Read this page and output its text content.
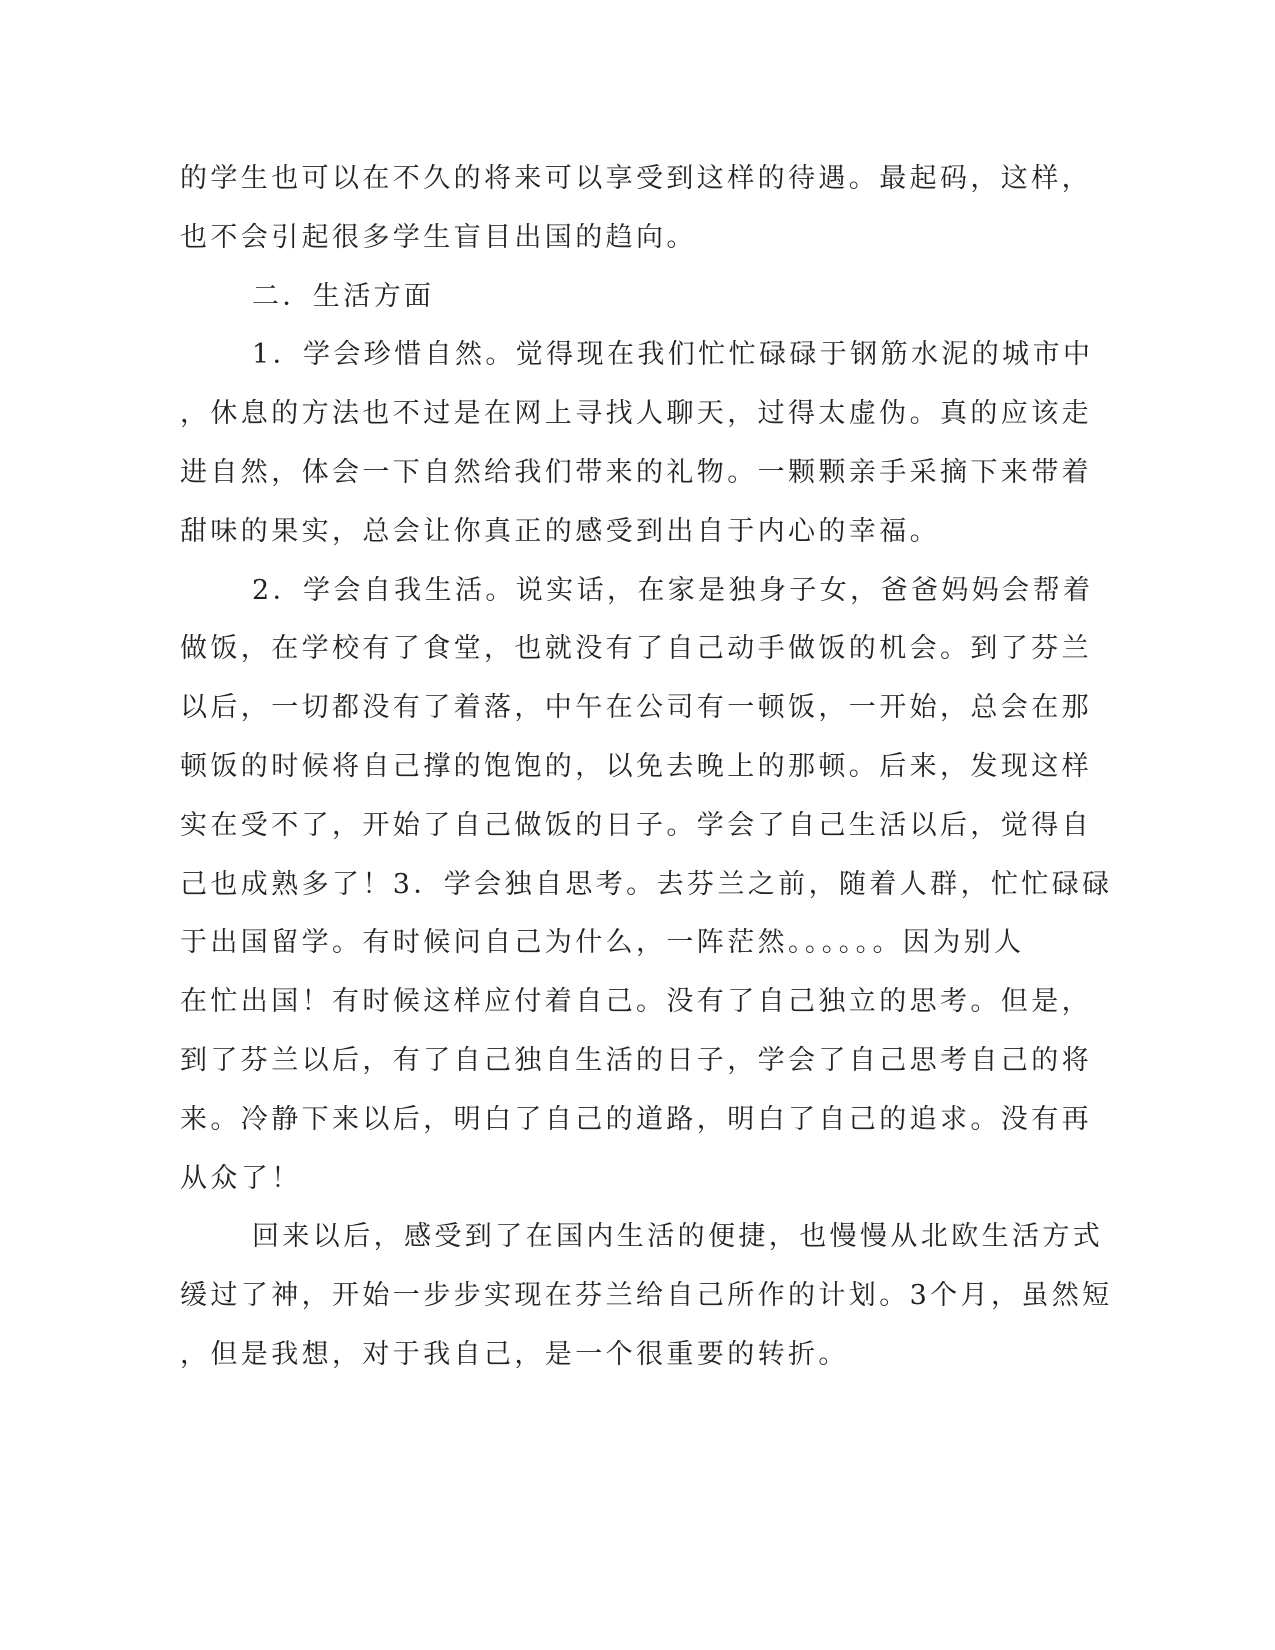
的学生也可以在不久的将来可以享受到这样的待遇。最起码，这样，
也不会引起很多学生盲目出国的趋向。
二．生活方面
1．学会珍惜自然。觉得现在我们忙忙碌碌于钢筋水泥的城市中
，休息的方法也不过是在网上寻找人聊天，过得太虚伪。真的应该走
进自然，体会一下自然给我们带来的礼物。一颗颗亲手采摘下来带着
甜味的果实，总会让你真正的感受到出自于内心的幸福。
2．学会自我生活。说实话，在家是独身子女，爸爸妈妈会帮着
做饭，在学校有了食堂，也就没有了自己动手做饭的机会。到了芬兰
以后，一切都没有了着落，中午在公司有一顿饭，一开始，总会在那
顿饭的时候将自己撑的饱饱的，以免去晚上的那顿。后来，发现这样
实在受不了，开始了自己做饭的日子。学会了自己生活以后，觉得自
己也成熟多了！3．学会独自思考。去芬兰之前，随着人群，忙忙碌碌
于出国留学。有时候问自己为什么，一阵茫然。。。。。。因为别人
在忙出国！有时候这样应付着自己。没有了自己独立的思考。但是，
到了芬兰以后，有了自己独自生活的日子，学会了自己思考自己的将
来。冷静下来以后，明白了自己的道路，明白了自己的追求。没有再
从众了！
回来以后，感受到了在国内生活的便捷，也慢慢从北欧生活方式
缓过了神，开始一步步实现在芬兰给自己所作的计划。3个月，虽然短
，但是我想，对于我自己，是一个很重要的转折。
